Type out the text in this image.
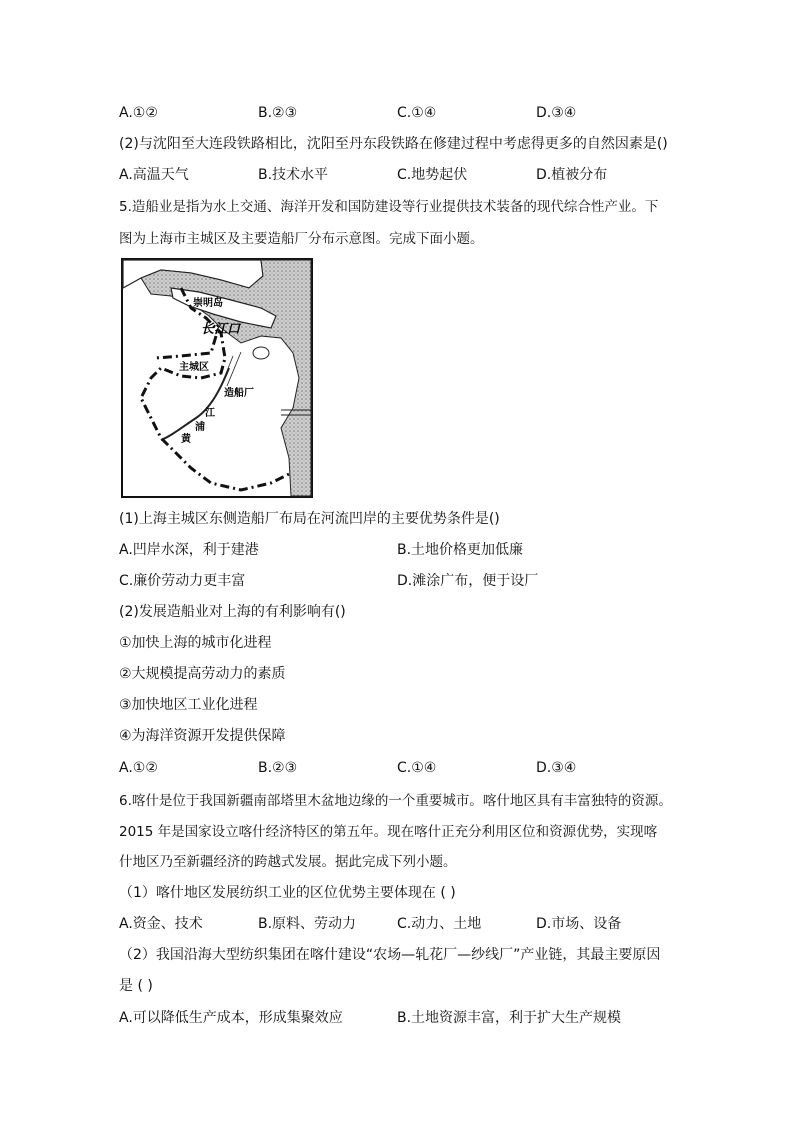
A.①②	B.②③	C.①④	D.③④
(2)与沈阳至大连段铁路相比，沈阳至丹东段铁路在修建过程中考虑得更多的自然因素是()
A.高温天气	B.技术水平	C.地势起伏	D.植被分布
5.造船业是指为水上交通、海洋开发和国防建设等行业提供技术装备的现代综合性产业。下
图为上海市主城区及主要造船厂分布示意图。完成下面小题。
崇明岛
长江口
主城区
造船厂
江
浦
黄
(1)上海主城区东侧造船厂布局在河流凹岸的主要优势条件是()
A.凹岸水深，利于建港	B.土地价格更加低廉
C.廉价劳动力更丰富	D.滩涂广布，便于设厂
(2)发展造船业对上海的有利影响有()
①加快上海的城市化进程
②大规模提高劳动力的素质
③加快地区工业化进程
④为海洋资源开发提供保障
A.①②	B.②③	C.①④	D.③④
6.喀什是位于我国新疆南部塔里木盆地边缘的一个重要城市。喀什地区具有丰富独特的资源。
2015 年是国家设立喀什经济特区的第五年。现在喀什正充分利用区位和资源优势，实现喀
什地区乃至新疆经济的跨越式发展。据此完成下列小题。
（1）喀什地区发展纺织工业的区位优势主要体现在 ( )
A.资金、技术	B.原料、劳动力	C.动力、土地	D.市场、设备
（2）我国沿海大型纺织集团在喀什建设“农场—轧花厂—纱线厂”产业链，其最主要原因
是 ( )
A.可以降低生产成本，形成集聚效应	B.土地资源丰富，利于扩大生产规模
